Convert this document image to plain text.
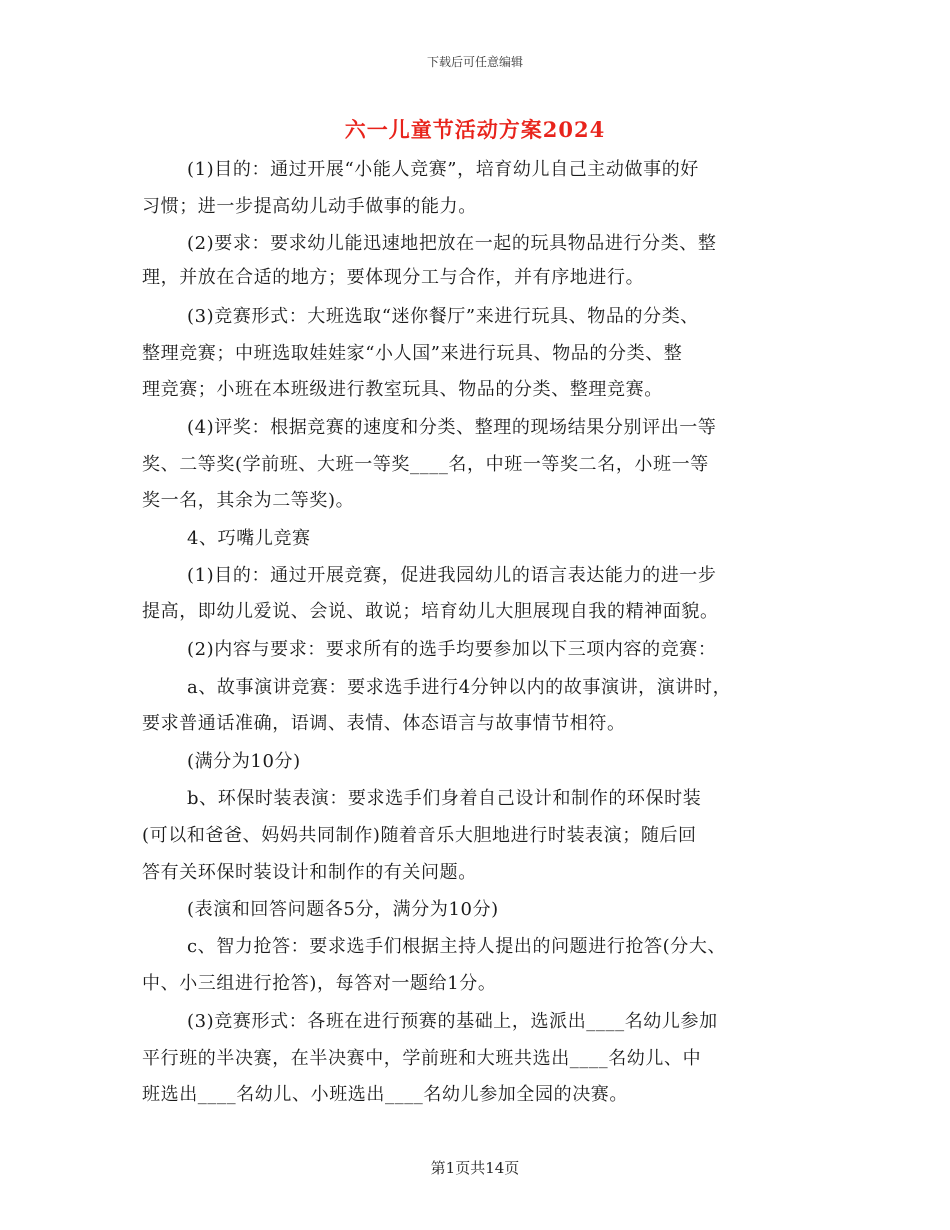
下载后可任意编辑
六一儿童节活动方案2024
(1)目的：通过开展“小能人竞赛”，培育幼儿自己主动做事的好
习惯；进一步提高幼儿动手做事的能力。
(2)要求：要求幼儿能迅速地把放在一起的玩具物品进行分类、整
理，并放在合适的地方；要体现分工与合作，并有序地进行。
(3)竞赛形式：大班选取“迷你餐厅”来进行玩具、物品的分类、
整理竞赛；中班选取娃娃家“小人国”来进行玩具、物品的分类、整
理竞赛；小班在本班级进行教室玩具、物品的分类、整理竞赛。
(4)评奖：根据竞赛的速度和分类、整理的现场结果分别评出一等
奖、二等奖(学前班、大班一等奖____名，中班一等奖二名，小班一等
奖一名，其余为二等奖)。
4、巧嘴儿竞赛
(1)目的：通过开展竞赛，促进我园幼儿的语言表达能力的进一步
提高，即幼儿爱说、会说、敢说；培育幼儿大胆展现自我的精神面貌。
(2)内容与要求：要求所有的选手均要参加以下三项内容的竞赛：
a、故事演讲竞赛：要求选手进行4分钟以内的故事演讲，演讲时，
要求普通话准确，语调、表情、体态语言与故事情节相符。
(满分为10分)
b、环保时装表演：要求选手们身着自己设计和制作的环保时装
(可以和爸爸、妈妈共同制作)随着音乐大胆地进行时装表演；随后回
答有关环保时装设计和制作的有关问题。
(表演和回答问题各5分，满分为10分)
c、智力抢答：要求选手们根据主持人提出的问题进行抢答(分大、
中、小三组进行抢答)，每答对一题给1分。
(3)竞赛形式：各班在进行预赛的基础上，选派出____名幼儿参加
平行班的半决赛，在半决赛中，学前班和大班共选出____名幼儿、中
班选出____名幼儿、小班选出____名幼儿参加全园的决赛。
第1页共14页
